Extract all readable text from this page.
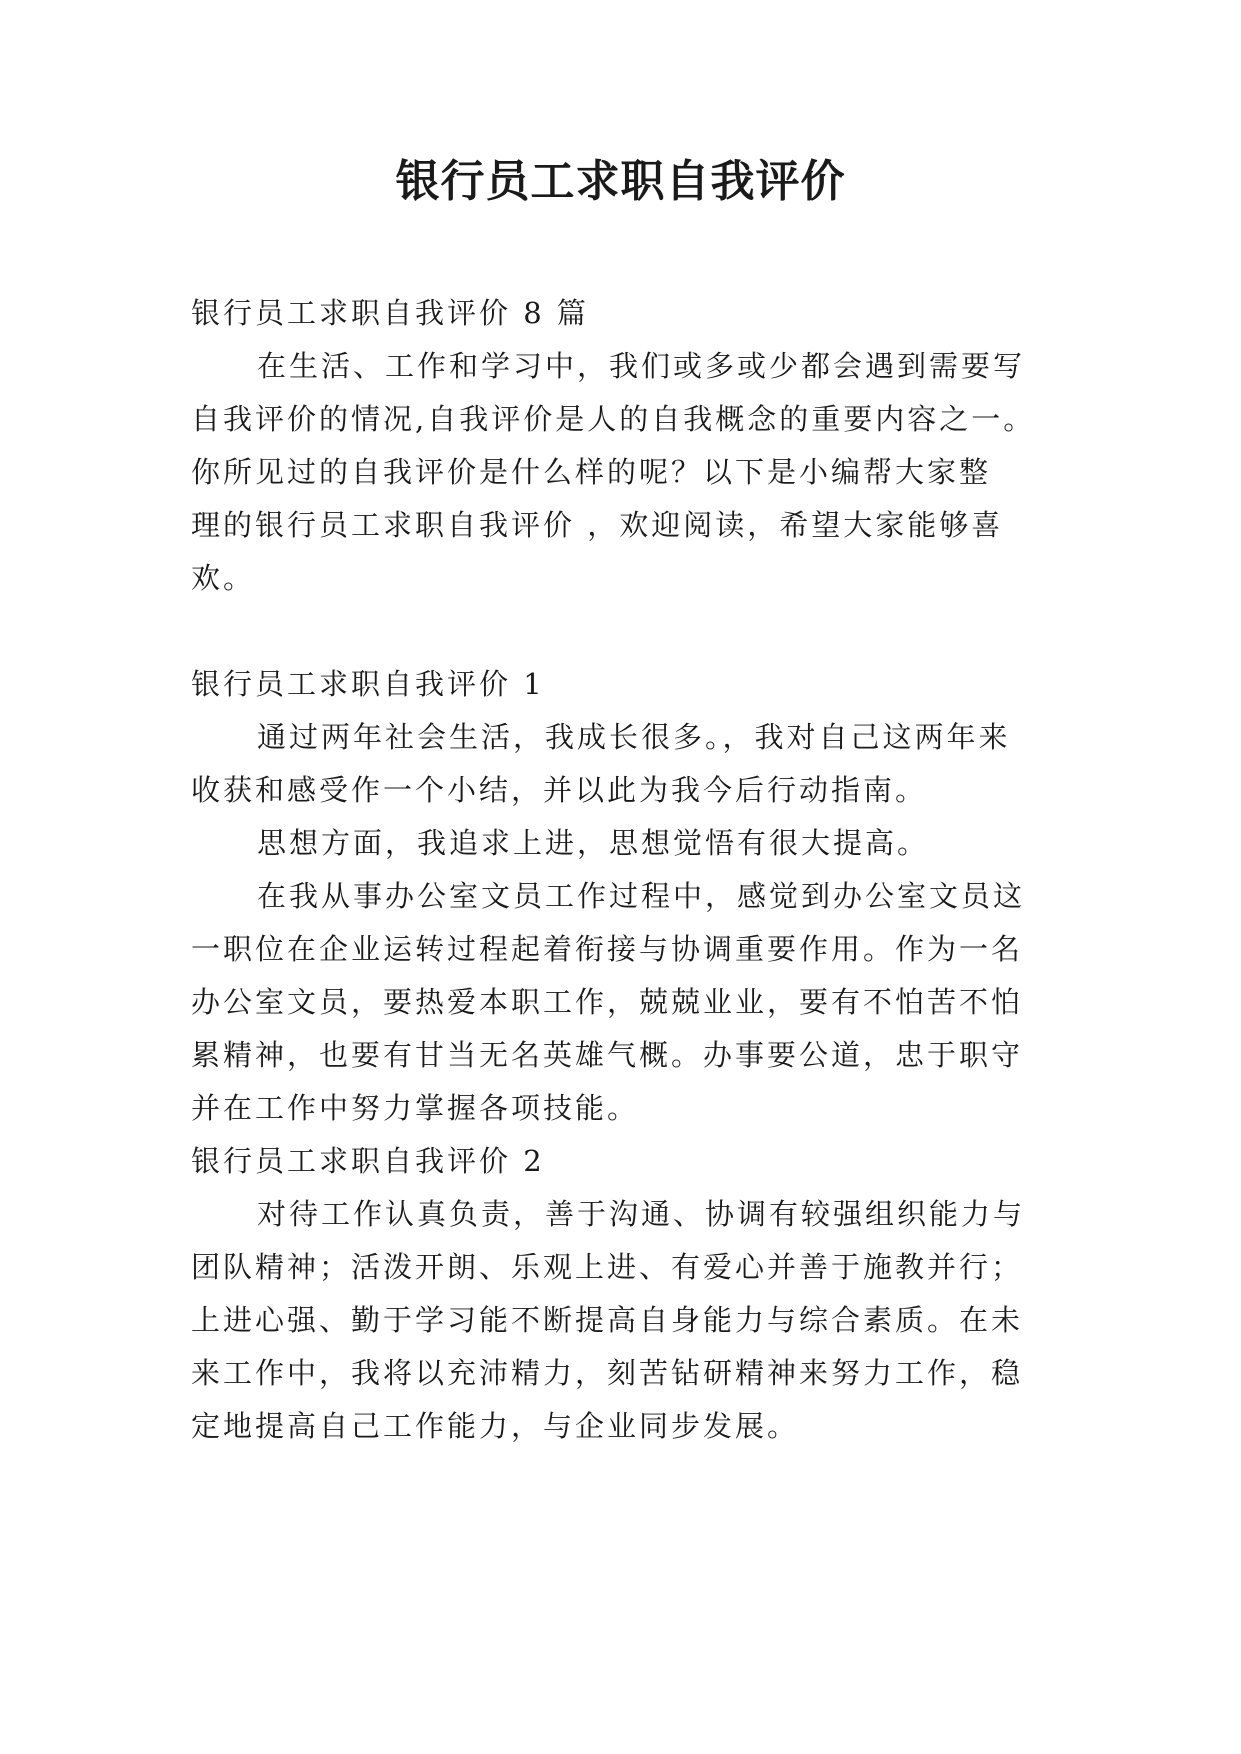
银行员工求职自我评价
银行员工求职自我评价 8 篇
在生活、工作和学习中，我们或多或少都会遇到需要写
自我评价的情况,自我评价是人的自我概念的重要内容之一。
你所见过的自我评价是什么样的呢？以下是小编帮大家整
理的银行员工求职自我评价 ，欢迎阅读，希望大家能够喜
欢。
银行员工求职自我评价 1
通过两年社会生活，我成长很多。，我对自己这两年来
收获和感受作一个小结，并以此为我今后行动指南。
思想方面，我追求上进，思想觉悟有很大提高。
在我从事办公室文员工作过程中，感觉到办公室文员这
一职位在企业运转过程起着衔接与协调重要作用。作为一名
办公室文员，要热爱本职工作，兢兢业业，要有不怕苦不怕
累精神，也要有甘当无名英雄气概。办事要公道，忠于职守
并在工作中努力掌握各项技能。
银行员工求职自我评价 2
对待工作认真负责，善于沟通、协调有较强组织能力与
团队精神；活泼开朗、乐观上进、有爱心并善于施教并行；
上进心强、勤于学习能不断提高自身能力与综合素质。在未
来工作中，我将以充沛精力，刻苦钻研精神来努力工作，稳
定地提高自己工作能力，与企业同步发展。
